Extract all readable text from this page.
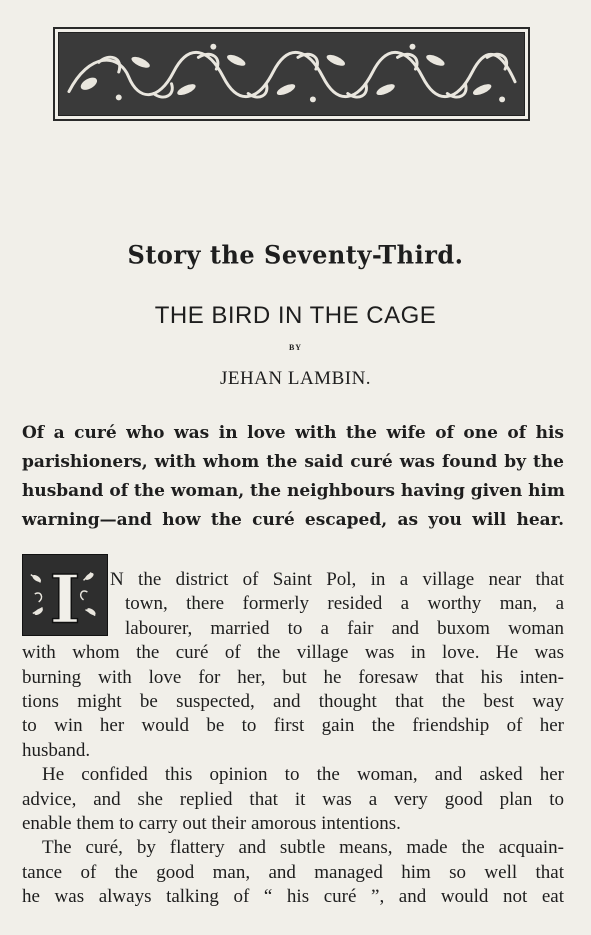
Story the Seventy-Third.
THE BIRD IN THE CAGE
BY
JEHAN LAMBIN.
Of a curé who was in love with the wife of one of his
parishioners, with whom the said curé was found by the
husband of the woman, the neighbours having given him
warning—and how the curé escaped, as you will hear.
I	N the district of Saint Pol, in a village near that
town, there formerly resided a worthy man, a
labourer, married to a fair and buxom woman
with whom the curé of the village was in love. He was
burning with love for her, but he foresaw that his inten-
tions might be suspected, and thought that the best way
to win her would be to first gain the friendship of her
husband.
He confided this opinion to the woman, and asked her
advice, and she replied that it was a very good plan to
enable them to carry out their amorous intentions.
The curé, by flattery and subtle means, made the acquain-
tance of the good man, and managed him so well that
he was always talking of “ his curé ”, and would not eat
